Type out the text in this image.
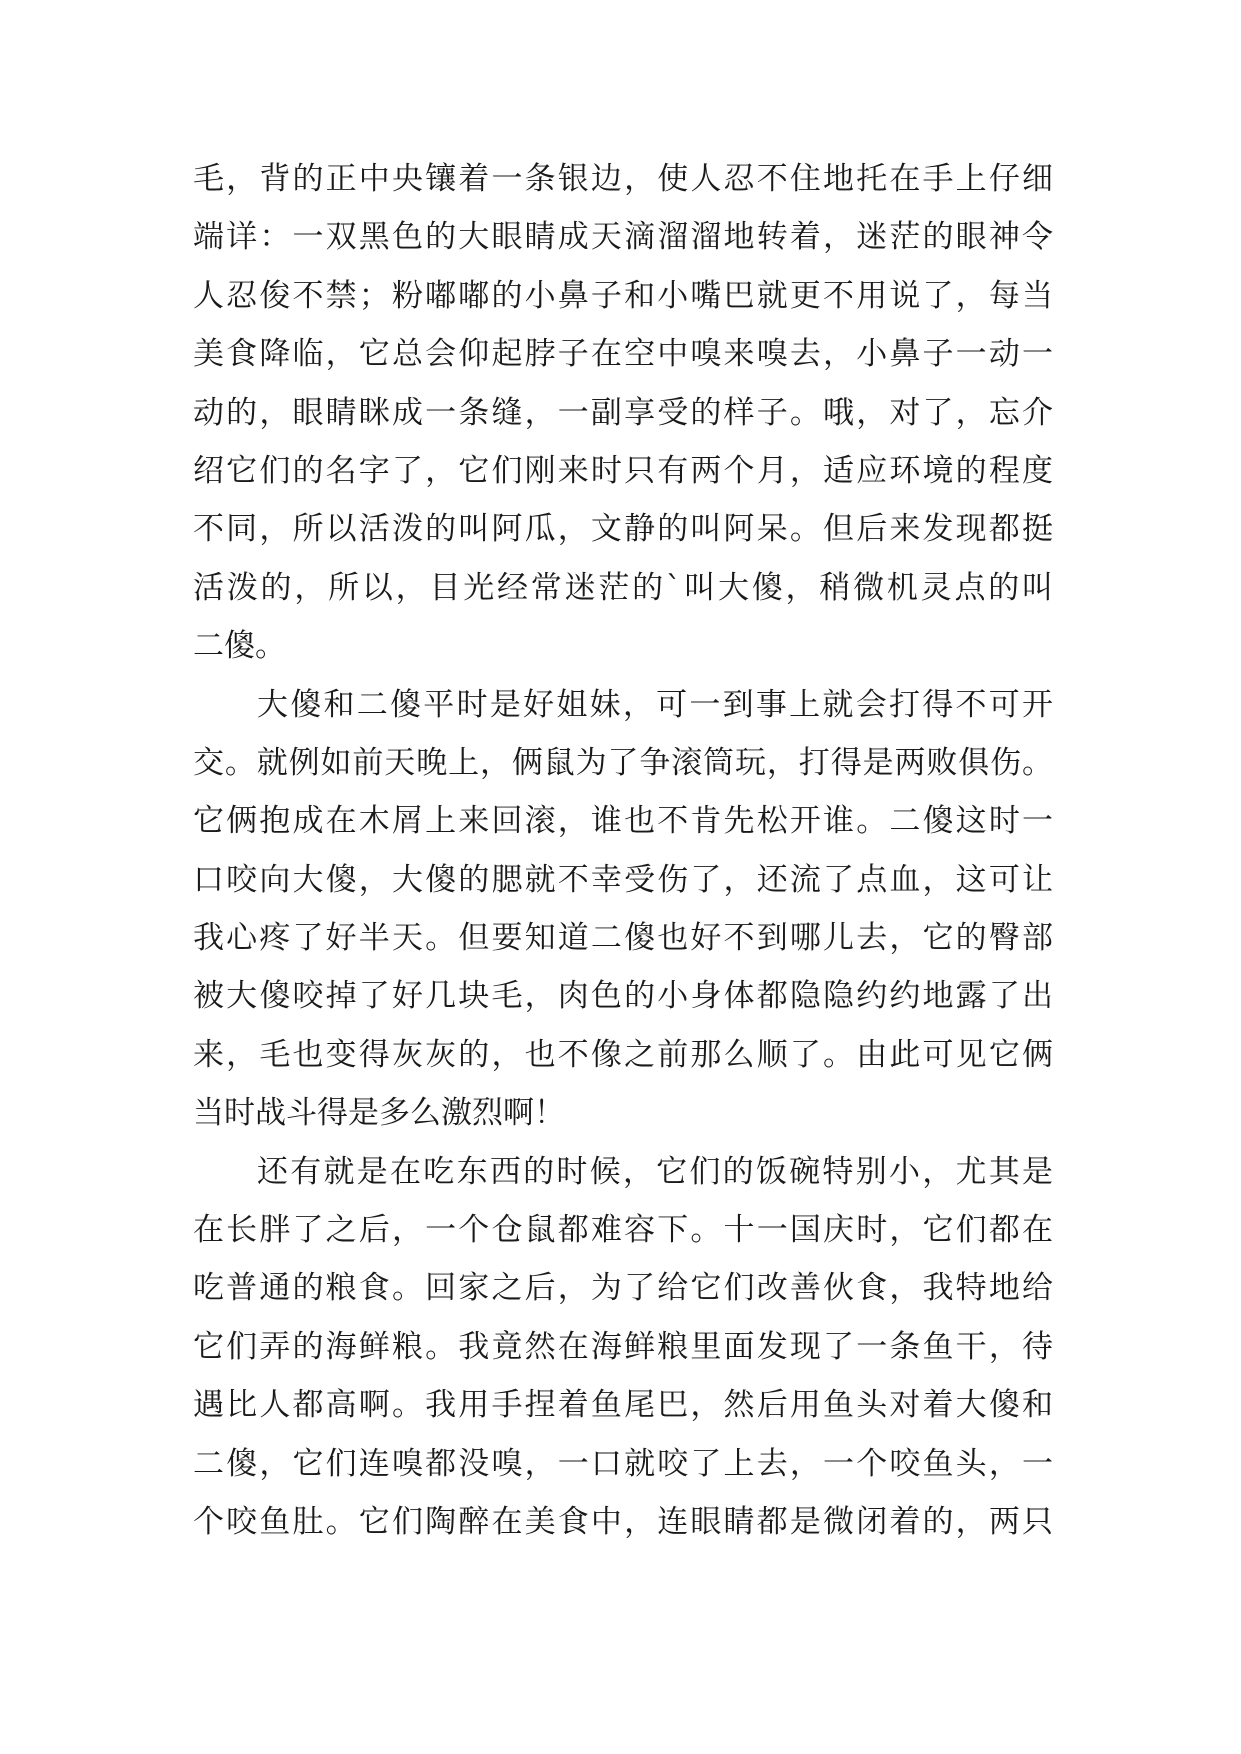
毛，背的正中央镶着一条银边，使人忍不住地托在手上仔细
端详：一双黑色的大眼睛成天滴溜溜地转着，迷茫的眼神令
人忍俊不禁；粉嘟嘟的小鼻子和小嘴巴就更不用说了，每当
美食降临，它总会仰起脖子在空中嗅来嗅去，小鼻子一动一
动的，眼睛眯成一条缝，一副享受的样子。哦，对了，忘介
绍它们的名字了，它们刚来时只有两个月，适应环境的程度
不同，所以活泼的叫阿瓜，文静的叫阿呆。但后来发现都挺
活泼的，所以，目光经常迷茫的`叫大傻，稍微机灵点的叫
二傻。
大傻和二傻平时是好姐妹，可一到事上就会打得不可开
交。就例如前天晚上，俩鼠为了争滚筒玩，打得是两败俱伤。
它俩抱成在木屑上来回滚，谁也不肯先松开谁。二傻这时一
口咬向大傻，大傻的腮就不幸受伤了，还流了点血，这可让
我心疼了好半天。但要知道二傻也好不到哪儿去，它的臀部
被大傻咬掉了好几块毛，肉色的小身体都隐隐约约地露了出
来，毛也变得灰灰的，也不像之前那么顺了。由此可见它俩
当时战斗得是多么激烈啊！
还有就是在吃东西的时候，它们的饭碗特别小，尤其是
在长胖了之后，一个仓鼠都难容下。十一国庆时，它们都在
吃普通的粮食。回家之后，为了给它们改善伙食，我特地给
它们弄的海鲜粮。我竟然在海鲜粮里面发现了一条鱼干，待
遇比人都高啊。我用手捏着鱼尾巴，然后用鱼头对着大傻和
二傻，它们连嗅都没嗅，一口就咬了上去，一个咬鱼头，一
个咬鱼肚。它们陶醉在美食中，连眼睛都是微闭着的，两只
